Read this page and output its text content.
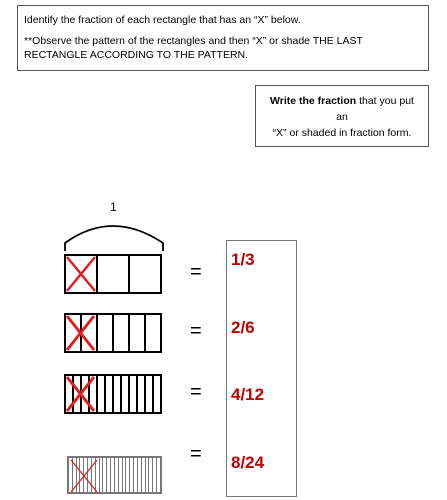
Identify the fraction of each rectangle that has an “X” below.

**Observe the pattern of the rectangles and then “X” or shade THE LAST RECTANGLE ACCORDING TO THE PATTERN.

Write the fraction that you put an
“X” or shaded in fraction form.
1
=
=
=
=
1/3
2/6
4/12
8/24
